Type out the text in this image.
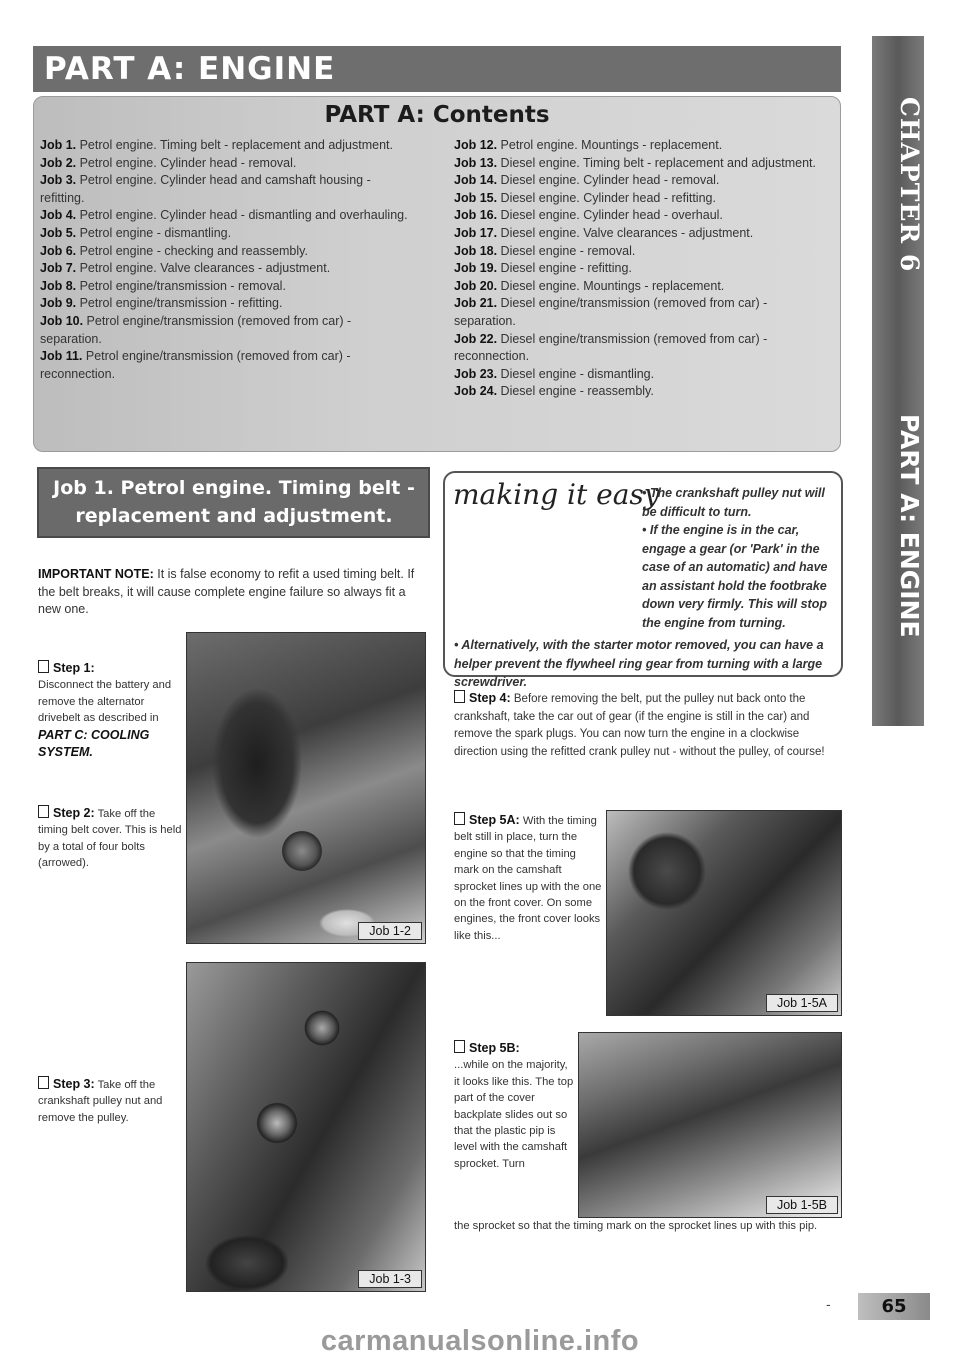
PART A: ENGINE
PART A: Contents
Job 1. Petrol engine. Timing belt - replacement and adjustment.
Job 2. Petrol engine. Cylinder head - removal.
Job 3. Petrol engine. Cylinder head and camshaft housing - refitting.
Job 4. Petrol engine. Cylinder head - dismantling and overhauling.
Job 5. Petrol engine - dismantling.
Job 6. Petrol engine - checking and reassembly.
Job 7. Petrol engine. Valve clearances - adjustment.
Job 8. Petrol engine/transmission - removal.
Job 9. Petrol engine/transmission - refitting.
Job 10. Petrol engine/transmission (removed from car) - separation.
Job 11. Petrol engine/transmission (removed from car) - reconnection.
Job 12. Petrol engine. Mountings - replacement.
Job 13. Diesel engine. Timing belt - replacement and adjustment.
Job 14. Diesel engine. Cylinder head - removal.
Job 15. Diesel engine. Cylinder head - refitting.
Job 16. Diesel engine. Cylinder head - overhaul.
Job 17. Diesel engine. Valve clearances - adjustment.
Job 18. Diesel engine - removal.
Job 19. Diesel engine - refitting.
Job 20. Diesel engine. Mountings - replacement.
Job 21. Diesel engine/transmission (removed from car) - separation.
Job 22. Diesel engine/transmission (removed from car) - reconnection.
Job 23. Diesel engine - dismantling.
Job 24. Diesel engine - reassembly.
CHAPTER 6
PART A: ENGINE
Job 1. Petrol engine. Timing belt - replacement and adjustment.
IMPORTANT NOTE: It is false economy to refit a used timing belt. If the belt breaks, it will cause complete engine failure so always fit a new one.
Step 1:
Disconnect the battery and remove the alternator drivebelt as described in PART C: COOLING SYSTEM.
Step 2: Take off the timing belt cover. This is held by a total of four bolts (arrowed).
Step 3: Take off the crankshaft pulley nut and remove the pulley.
Job 1-2
Job 1-3
Job 1-5A
Job 1-5B
making it easy
• The crankshaft pulley nut will be difficult to turn.
• If the engine is in the car, engage a gear (or 'Park' in the case of an automatic) and have an assistant hold the footbrake down very firmly. This will stop the engine from turning.
• Alternatively, with the starter motor removed, you can have a helper prevent the flywheel ring gear from turning with a large screwdriver.
Step 4: Before removing the belt, put the pulley nut back onto the crankshaft, take the car out of gear (if the engine is still in the car) and remove the spark plugs. You can now turn the engine in a clockwise direction using the refitted crank pulley nut - without the pulley, of course!
Step 5A: With the timing belt still in place, turn the engine so that the timing mark on the camshaft sprocket lines up with the one on the front cover. On some engines, the front cover looks like this...
Step 5B:
...while on the majority, it looks like this. The top part of the cover backplate slides out so that the plastic pip is level with the camshaft sprocket. Turn
the sprocket so that the timing mark on the sprocket lines up with this pip.
-	65
carmanualsonline.info
